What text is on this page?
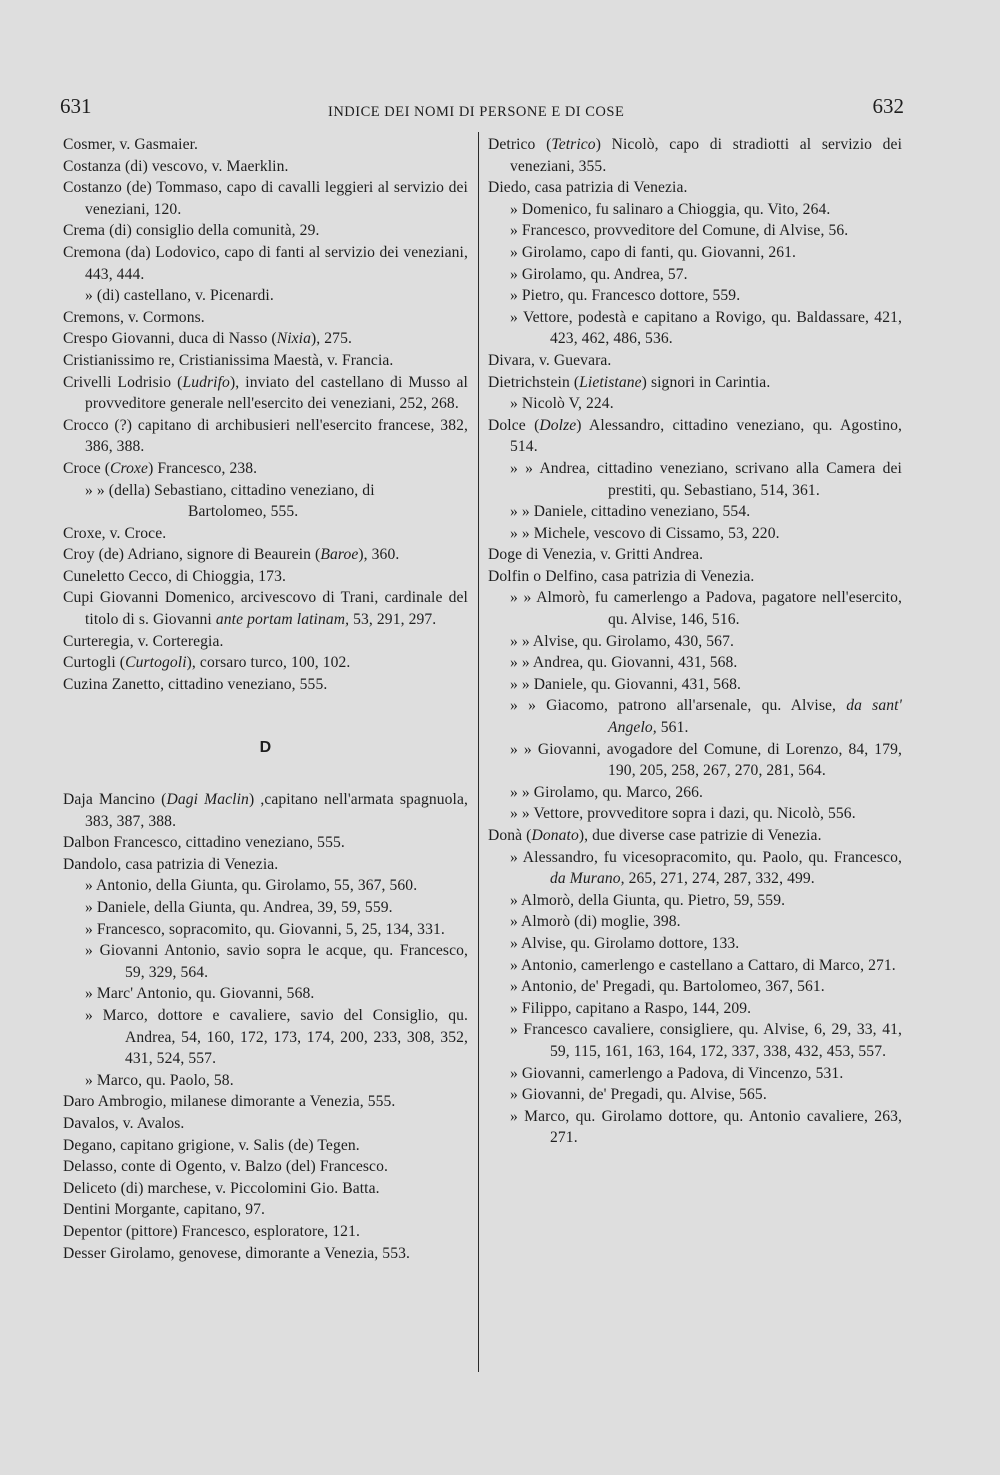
631	INDICE DEI NOMI DI PERSONE E DI COSE	632
Cosmer, v. Gasmaier.
Costanza (di) vescovo, v. Maerklin.
Costanzo (de) Tommaso, capo di cavalli leggieri al servizio dei veneziani, 120.
Crema (di) consiglio della comunità, 29.
Cremona (da) Lodovico, capo di fanti al servizio dei veneziani, 443, 444.
» (di) castellano, v. Picenardi.
Cremons, v. Cormons.
Crespo Giovanni, duca di Nasso (Nixia), 275.
Cristianissimo re, Cristianissima Maestà, v. Francia.
Crivelli Lodrisio (Ludrifo), inviato del castellano di Musso al provveditore generale nell'esercito dei veneziani, 252, 268.
Crocco (?) capitano di archibusieri nell'esercito francese, 382, 386, 388.
Croce (Croxe) Francesco, 238.
» » (della) Sebastiano, cittadino veneziano, di
Bartolomeo, 555.
Croxe, v. Croce.
Croy (de) Adriano, signore di Beaurein (Baroe), 360.
Cuneletto Cecco, di Chioggia, 173.
Cupi Giovanni Domenico, arcivescovo di Trani, cardinale del titolo di s. Giovanni ante portam latinam, 53, 291, 297.
Curteregia, v. Corteregia.
Curtogli (Curtogoli), corsaro turco, 100, 102.
Cuzina Zanetto, cittadino veneziano, 555.
D
Daja Mancino (Dagi Maclin) ,capitano nell'armata spagnuola, 383, 387, 388.
Dalbon Francesco, cittadino veneziano, 555.
Dandolo, casa patrizia di Venezia.
» Antonio, della Giunta, qu. Girolamo, 55, 367, 560.
» Daniele, della Giunta, qu. Andrea, 39, 59, 559.
» Francesco, sopracomito, qu. Giovanni, 5, 25, 134, 331.
» Giovanni Antonio, savio sopra le acque, qu. Francesco, 59, 329, 564.
» Marc' Antonio, qu. Giovanni, 568.
» Marco, dottore e cavaliere, savio del Consiglio, qu. Andrea, 54, 160, 172, 173, 174, 200, 233, 308, 352, 431, 524, 557.
» Marco, qu. Paolo, 58.
Daro Ambrogio, milanese dimorante a Venezia, 555.
Davalos, v. Avalos.
Degano, capitano grigione, v. Salis (de) Tegen.
Delasso, conte di Ogento, v. Balzo (del) Francesco.
Deliceto (di) marchese, v. Piccolomini Gio. Batta.
Dentini Morgante, capitano, 97.
Depentor (pittore) Francesco, esploratore, 121.
Desser Girolamo, genovese, dimorante a Venezia, 553.
Detrico (Tetrico) Nicolò, capo di stradiotti al servizio dei veneziani, 355.
Diedo, casa patrizia di Venezia.
» Domenico, fu salinaro a Chioggia, qu. Vito, 264.
» Francesco, provveditore del Comune, di Alvise, 56.
» Girolamo, capo di fanti, qu. Giovanni, 261.
» Girolamo, qu. Andrea, 57.
» Pietro, qu. Francesco dottore, 559.
» Vettore, podestà e capitano a Rovigo, qu. Baldassare, 421, 423, 462, 486, 536.
Divara, v. Guevara.
Dietrichstein (Lietistane) signori in Carintia.
» Nicolò V, 224.
Dolce (Dolze) Alessandro, cittadino veneziano, qu. Agostino, 514.
» » Andrea, cittadino veneziano, scrivano alla Camera dei prestiti, qu. Sebastiano, 514, 361.
» » Daniele, cittadino veneziano, 554.
» » Michele, vescovo di Cissamo, 53, 220.
Doge di Venezia, v. Gritti Andrea.
Dolfin o Delfino, casa patrizia di Venezia.
» » Almorò, fu camerlengo a Padova, pagatore nell'esercito, qu. Alvise, 146, 516.
» » Alvise, qu. Girolamo, 430, 567.
» » Andrea, qu. Giovanni, 431, 568.
» » Daniele, qu. Giovanni, 431, 568.
» » Giacomo, patrono all'arsenale, qu. Alvise, da sant' Angelo, 561.
» » Giovanni, avogadore del Comune, di Lorenzo, 84, 179, 190, 205, 258, 267, 270, 281, 564.
» » Girolamo, qu. Marco, 266.
» » Vettore, provveditore sopra i dazi, qu. Nicolò, 556.
Donà (Donato), due diverse case patrizie di Venezia.
» Alessandro, fu vicesopracomito, qu. Paolo, qu. Francesco, da Murano, 265, 271, 274, 287, 332, 499.
» Almorò, della Giunta, qu. Pietro, 59, 559.
» Almorò (di) moglie, 398.
» Alvise, qu. Girolamo dottore, 133.
» Antonio, camerlengo e castellano a Cattaro, di Marco, 271.
» Antonio, de' Pregadi, qu. Bartolomeo, 367, 561.
» Filippo, capitano a Raspo, 144, 209.
» Francesco cavaliere, consigliere, qu. Alvise, 6, 29, 33, 41, 59, 115, 161, 163, 164, 172, 337, 338, 432, 453, 557.
» Giovanni, camerlengo a Padova, di Vincenzo, 531.
» Giovanni, de' Pregadi, qu. Alvise, 565.
» Marco, qu. Girolamo dottore, qu. Antonio cavaliere, 263, 271.
